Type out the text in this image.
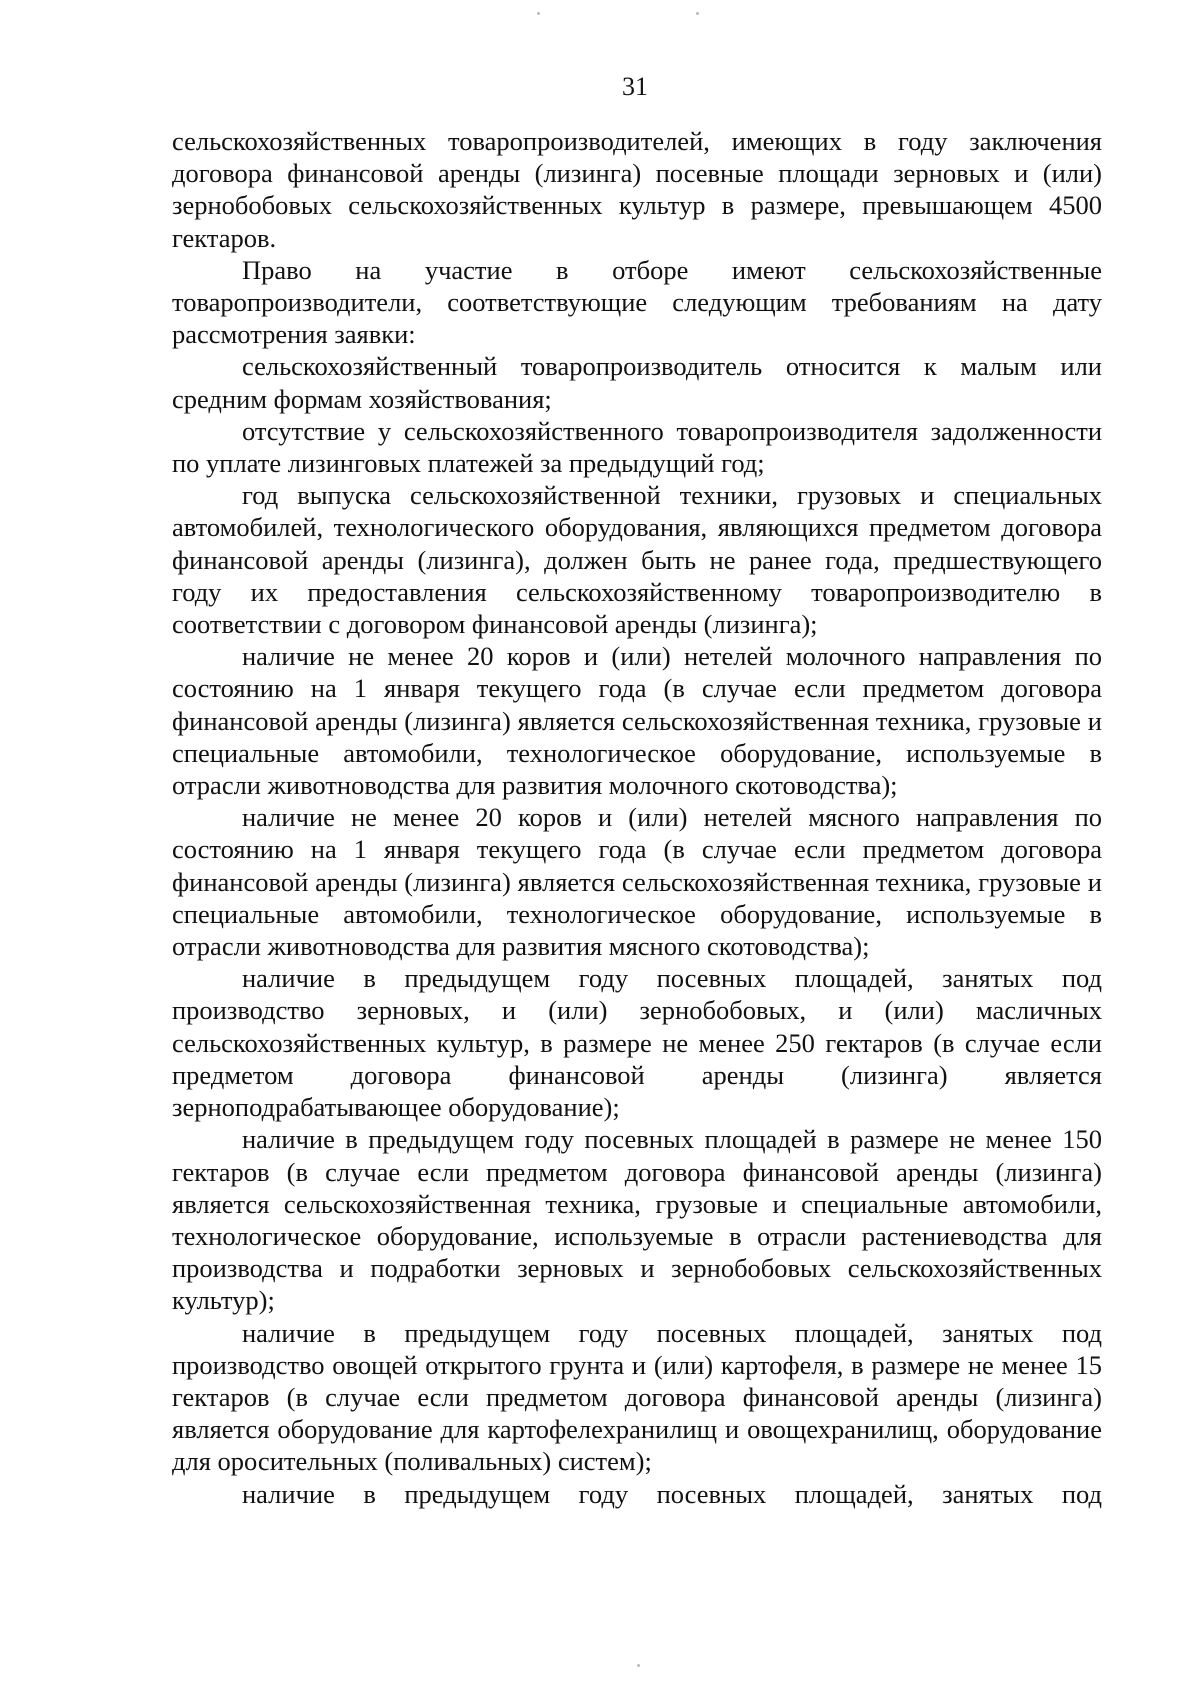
31

сельскохозяйственных товаропроизводителей, имеющих в году заключения договора финансовой аренды (лизинга) посевные площади зерновых и (или) зернобобовых сельскохозяйственных культур в размере, превышающем 4500 гектаров.

Право на участие в отборе имеют сельскохозяйственные товаропроизводители, соответствующие следующим требованиям на дату рассмотрения заявки:

сельскохозяйственный товаропроизводитель относится к малым или средним формам хозяйствования;

отсутствие у сельскохозяйственного товаропроизводителя задолженности по уплате лизинговых платежей за предыдущий год;

год выпуска сельскохозяйственной техники, грузовых и специальных автомобилей, технологического оборудования, являющихся предметом договора финансовой аренды (лизинга), должен быть не ранее года, предшествующего году их предоставления сельскохозяйственному товаропроизводителю в соответствии с договором финансовой аренды (лизинга);

наличие не менее 20 коров и (или) нетелей молочного направления по состоянию на 1 января текущего года (в случае если предметом договора финансовой аренды (лизинга) является сельскохозяйственная техника, грузовые и специальные автомобили, технологическое оборудование, используемые в отрасли животноводства для развития молочного скотоводства);

наличие не менее 20 коров и (или) нетелей мясного направления по состоянию на 1 января текущего года (в случае если предметом договора финансовой аренды (лизинга) является сельскохозяйственная техника, грузовые и специальные автомобили, технологическое оборудование, используемые в отрасли животноводства для развития мясного скотоводства);

наличие в предыдущем году посевных площадей, занятых под производство зерновых, и (или) зернобобовых, и (или) масличных сельскохозяйственных культур, в размере не менее 250 гектаров (в случае если предметом договора финансовой аренды (лизинга) является зерноподрабатывающее оборудование);

наличие в предыдущем году посевных площадей в размере не менее 150 гектаров (в случае если предметом договора финансовой аренды (лизинга) является сельскохозяйственная техника, грузовые и специальные автомобили, технологическое оборудование, используемые в отрасли растениеводства для производства и подработки зерновых и зернобобовых сельскохозяйственных культур);

наличие в предыдущем году посевных площадей, занятых под производство овощей открытого грунта и (или) картофеля, в размере не менее 15 гектаров (в случае если предметом договора финансовой аренды (лизинга) является оборудование для картофелехранилищ и овощехранилищ, оборудование для оросительных (поливальных) систем);

наличие в предыдущем году посевных площадей, занятых под
